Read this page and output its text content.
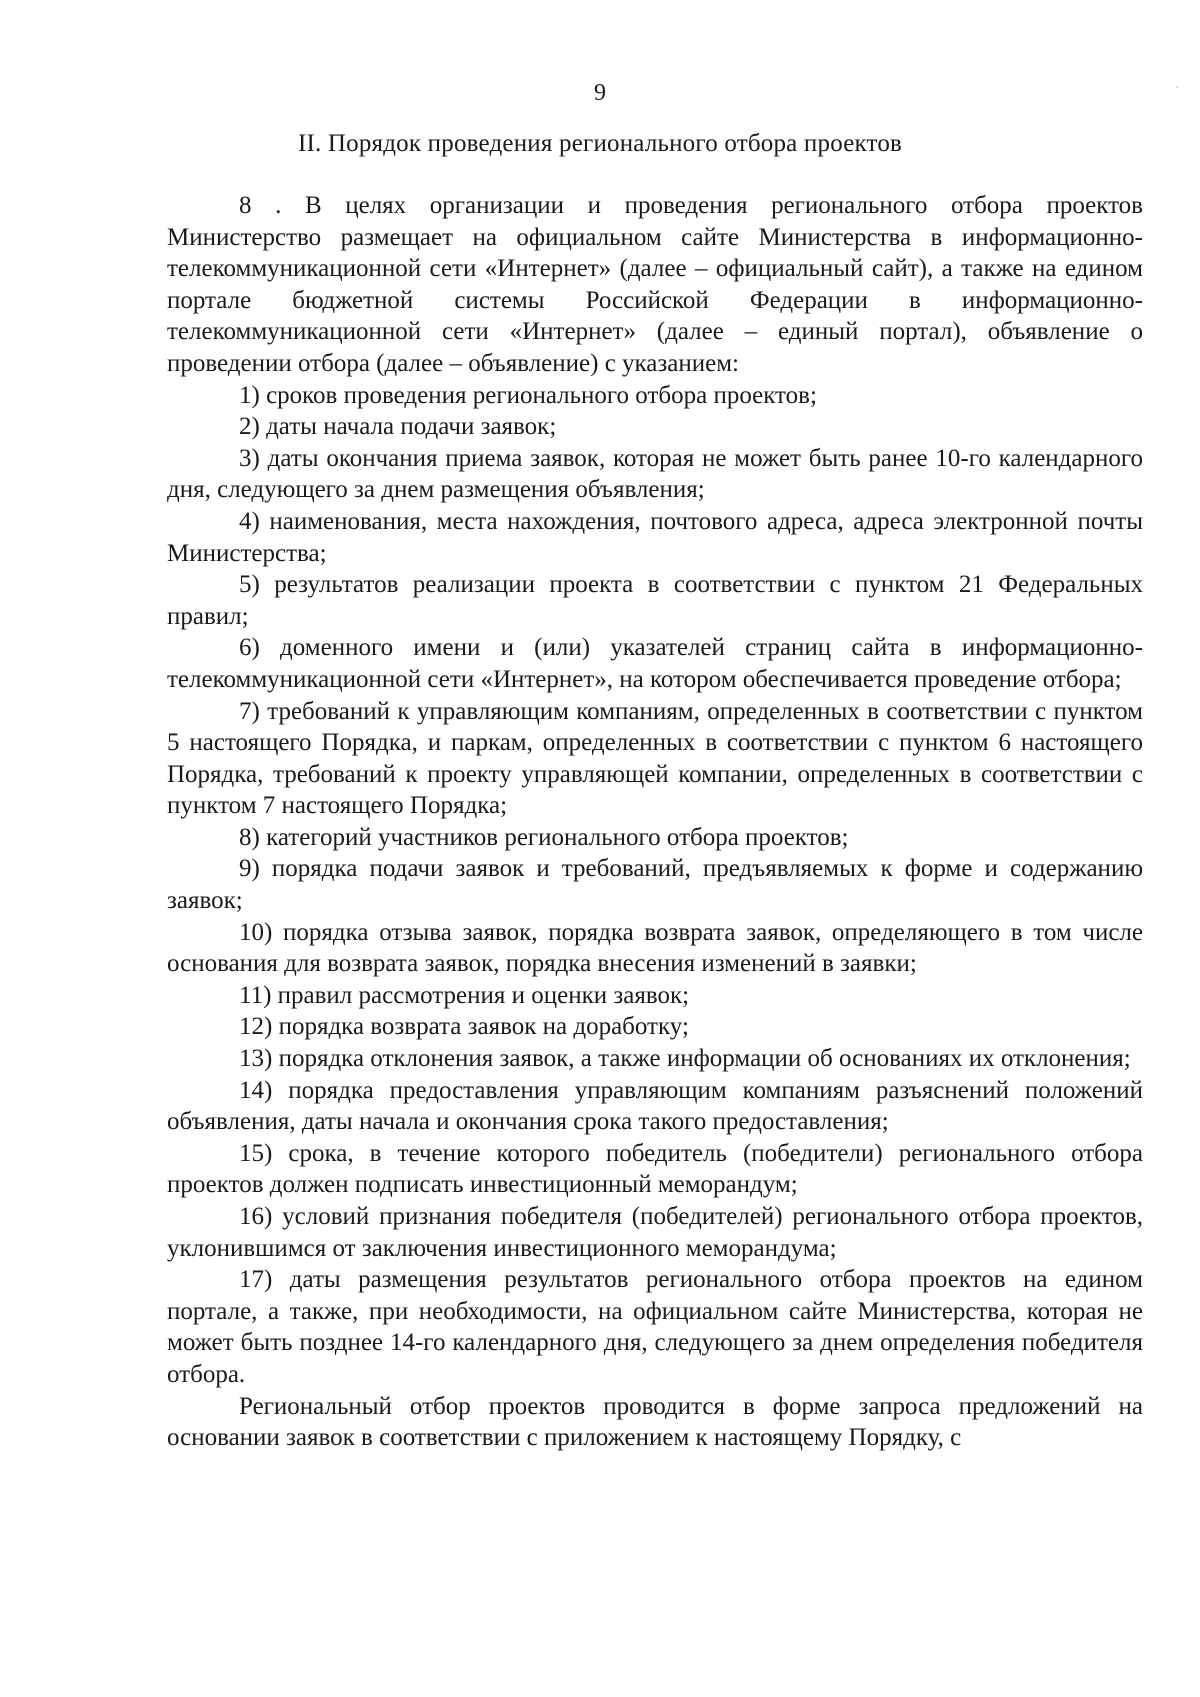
9
II. Порядок проведения регионального отбора проектов

8 . В целях организации и проведения регионального отбора проектов Министерство размещает на официальном сайте Министерства в информационно-телекоммуникационной сети «Интернет» (далее – официальный сайт), а также на едином портале бюджетной системы Российской Федерации в информационно-телекоммуникационной сети «Интернет» (далее – единый портал), объявление о проведении отбора (далее – объявление) с указанием:

1) сроков проведения регионального отбора проектов;

2) даты начала подачи заявок;

3) даты окончания приема заявок, которая не может быть ранее 10-го календарного дня, следующего за днем размещения объявления;

4) наименования, места нахождения, почтового адреса, адреса электронной почты Министерства;

5) результатов реализации проекта в соответствии с пунктом 21 Федеральных правил;

6) доменного имени и (или) указателей страниц сайта в информационно-телекоммуникационной сети «Интернет», на котором обеспечивается проведение отбора;

7) требований к управляющим компаниям, определенных в соответствии с пунктом 5 настоящего Порядка, и паркам, определенных в соответствии с пунктом 6 настоящего Порядка, требований к проекту управляющей компании, определенных в соответствии с пунктом 7 настоящего Порядка;

8) категорий участников регионального отбора проектов;

9) порядка подачи заявок и требований, предъявляемых к форме и содержанию заявок;

10) порядка отзыва заявок, порядка возврата заявок, определяющего в том числе основания для возврата заявок, порядка внесения изменений в заявки;

11) правил рассмотрения и оценки заявок;

12) порядка возврата заявок на доработку;

13) порядка отклонения заявок, а также информации об основаниях их отклонения;

14) порядка предоставления управляющим компаниям разъяснений положений объявления, даты начала и окончания срока такого предоставления;

15) срока, в течение которого победитель (победители) регионального отбора проектов должен подписать инвестиционный меморандум;

16) условий признания победителя (победителей) регионального отбора проектов, уклонившимся от заключения инвестиционного меморандума;

17) даты размещения результатов регионального отбора проектов на едином портале, а также, при необходимости, на официальном сайте Министерства, которая не может быть позднее 14-го календарного дня, следующего за днем определения победителя отбора.

Региональный отбор проектов проводится в форме запроса предложений на основании заявок в соответствии с приложением к настоящему Порядку, с
